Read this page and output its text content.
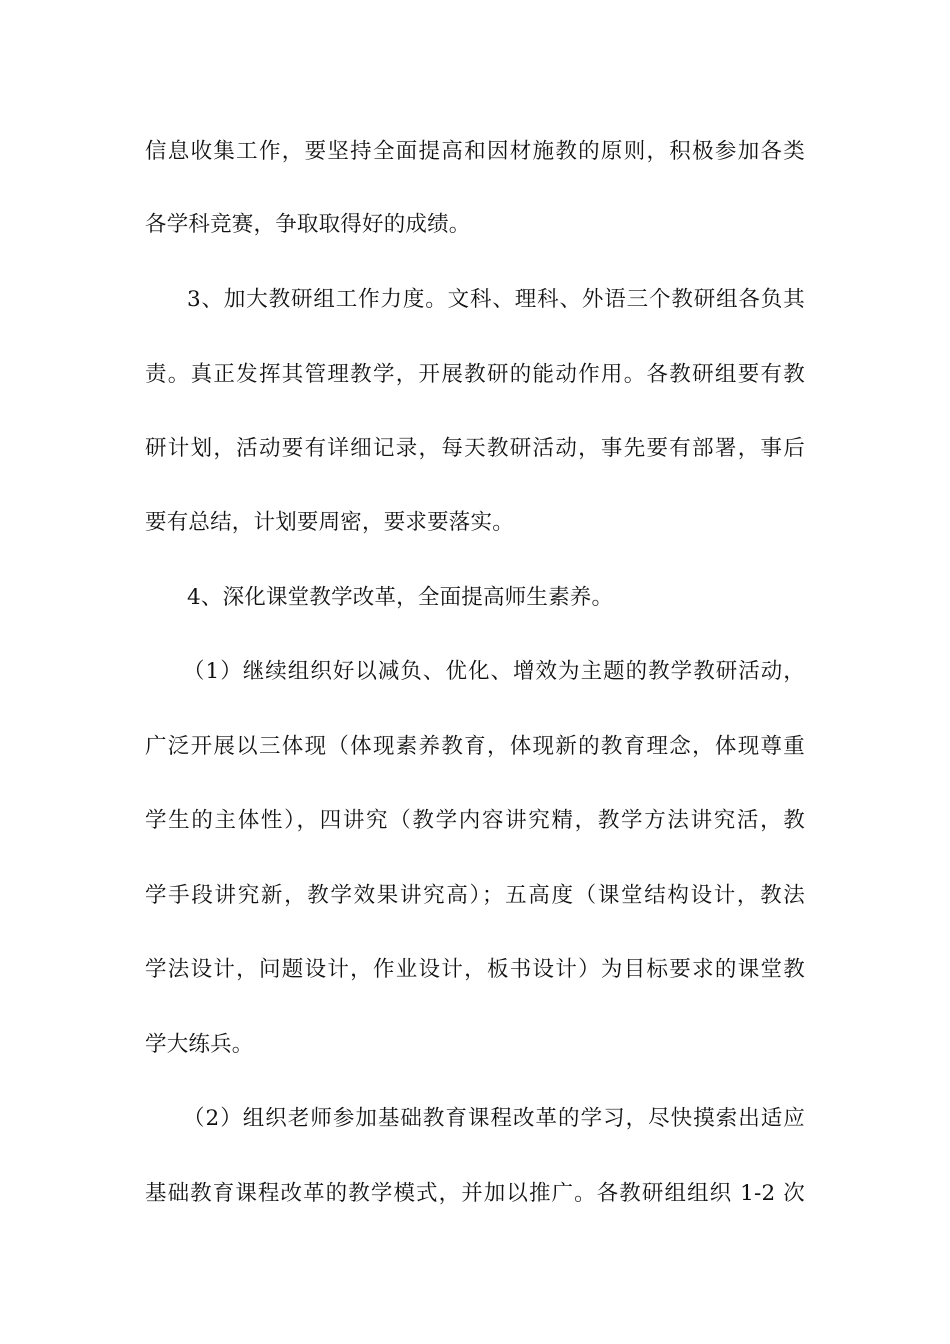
信息收集工作，要坚持全面提高和因材施教的原则，积极参加各类
各学科竞赛，争取取得好的成绩。
3、加大教研组工作力度。文科、理科、外语三个教研组各负其
责。真正发挥其管理教学，开展教研的能动作用。各教研组要有教
研计划，活动要有详细记录，每天教研活动，事先要有部署，事后
要有总结，计划要周密，要求要落实。
4、深化课堂教学改革，全面提高师生素养。
（1）继续组织好以减负、优化、增效为主题的教学教研活动，
广泛开展以三体现（体现素养教育，体现新的教育理念，体现尊重
学生的主体性），四讲究（教学内容讲究精，教学方法讲究活，教
学手段讲究新，教学效果讲究高）；五高度（课堂结构设计，教法
学法设计，问题设计，作业设计，板书设计）为目标要求的课堂教
学大练兵。
（2）组织老师参加基础教育课程改革的学习，尽快摸索出适应
基础教育课程改革的教学模式，并加以推广。各教研组组织 1-2 次
